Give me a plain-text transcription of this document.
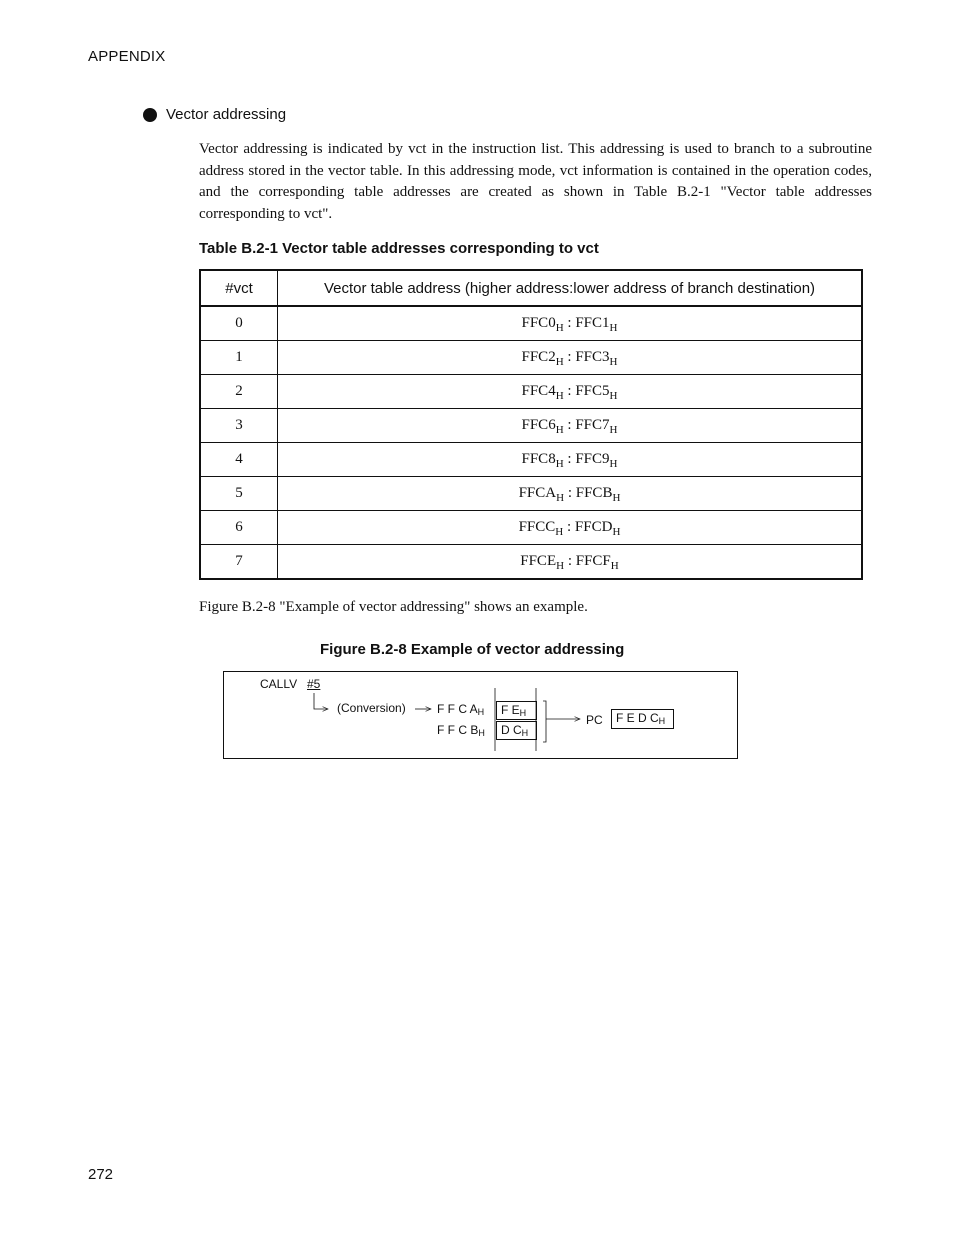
APPENDIX
Vector addressing

Vector addressing is indicated by vct in the instruction list. This addressing is used to branch to a subroutine address stored in the vector table. In this addressing mode, vct information is contained in the operation codes, and the corresponding table addresses are created as shown in Table B.2-1 "Vector table addresses corresponding to vct".

Table B.2-1 Vector table addresses corresponding to vct
#vct	Vector table address (higher address:lower address of branch destination)
0	$FFC0_H$ : $FFC1_H$
1	$FFC2_H$ : $FFC3_H$
2	$FFC4_H$ : $FFC5_H$
3	$FFC6_H$ : $FFC7_H$
4	$FFC8_H$ : $FFC9_H$
5	$FFCA_H$ : $FFCB_H$
6	$FFCC_H$ : $FFCD_H$
7	$FFCE_H$ : $FFCF_H$
Figure B.2-8 "Example of vector addressing" shows an example.
Figure B.2-8 Example of vector addressing
CALLV #5
(Conversion)	F F C $A_H$
F F C $B_H$
F $E_H$
D $C_H$
PC	F E D $C_H$
272
